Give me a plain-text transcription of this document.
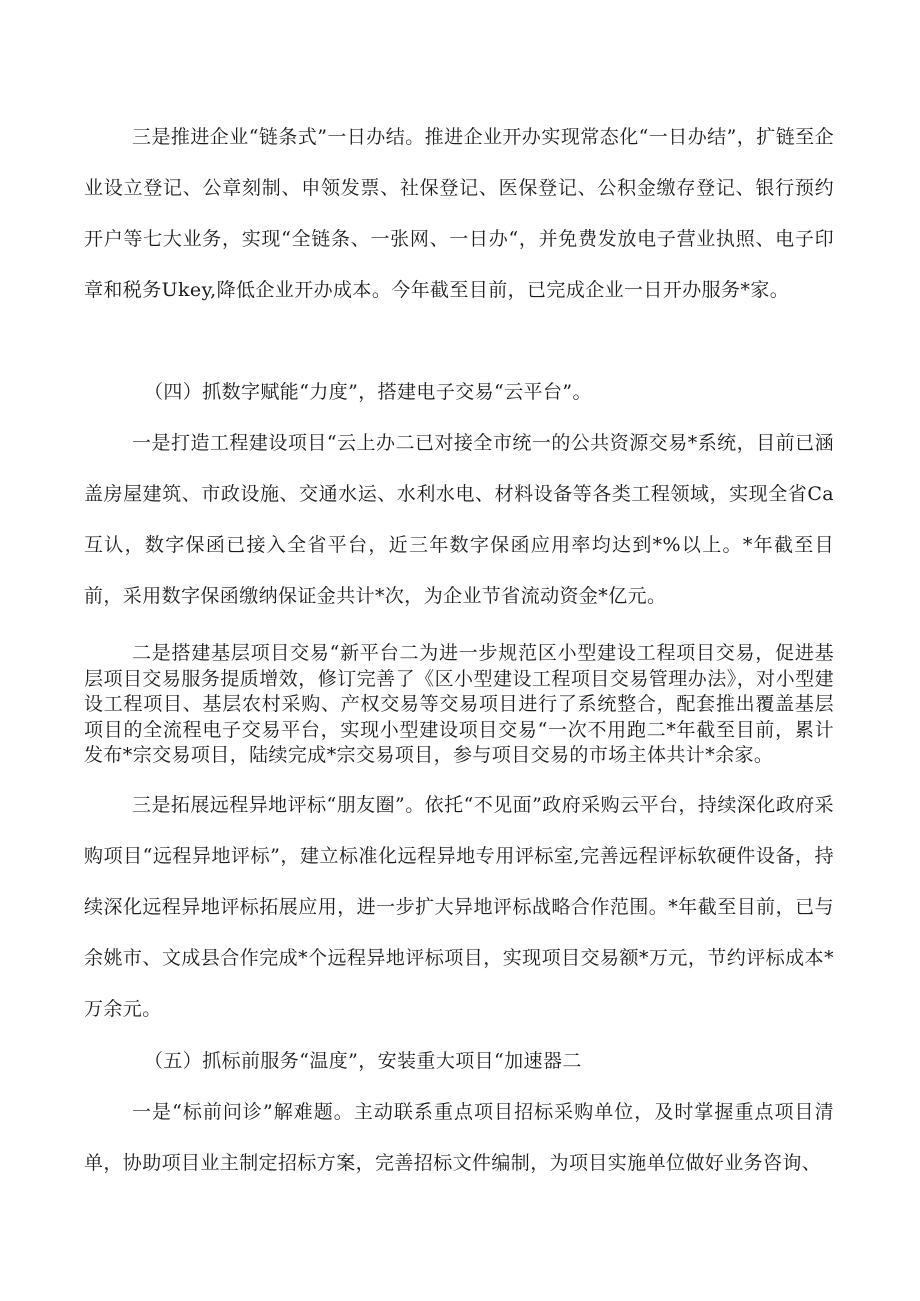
三是推进企业“链条式”一日办结。推进企业开办实现常态化“一日办结”，扩链至企业设立登记、公章刻制、申领发票、社保登记、医保登记、公积金缴存登记、银行预约开户等七大业务，实现“全链条、一张网、一日办“，并免费发放电子营业执照、电子印章和税务Ukey,降低企业开办成本。今年截至目前，已完成企业一日开办服务*家。

（四）抓数字赋能“力度”，搭建电子交易“云平台”。

一是打造工程建设项目“云上办二已对接全市统一的公共资源交易*系统，目前已涵盖房屋建筑、市政设施、交通水运、水利水电、材料设备等各类工程领域，实现全省Ca互认，数字保函已接入全省平台，近三年数字保函应用率均达到*%以上。*年截至目前，采用数字保函缴纳保证金共计*次，为企业节省流动资金*亿元。

二是搭建基层项目交易“新平台二为进一步规范区小型建设工程项目交易，促进基层项目交易服务提质增效，修订完善了《区小型建设工程项目交易管理办法》，对小型建设工程项目、基层农村采购、产权交易等交易项目进行了系统整合，配套推出覆盖基层项目的全流程电子交易平台，实现小型建设项目交易“一次不用跑二*年截至目前，累计发布*宗交易项目，陆续完成*宗交易项目，参与项目交易的市场主体共计*余家。

三是拓展远程异地评标“朋友圈”。依托“不见面”政府采购云平台，持续深化政府采购项目“远程异地评标”，建立标准化远程异地专用评标室,完善远程评标软硬件设备，持续深化远程异地评标拓展应用，进一步扩大异地评标战略合作范围。*年截至目前，已与余姚市、文成县合作完成*个远程异地评标项目，实现项目交易额*万元，节约评标成本*万余元。

（五）抓标前服务“温度”，安装重大项目“加速器二

一是“标前问诊”解难题。主动联系重点项目招标采购单位，及时掌握重点项目清单，协助项目业主制定招标方案，完善招标文件编制，为项目实施单位做好业务咨询、
